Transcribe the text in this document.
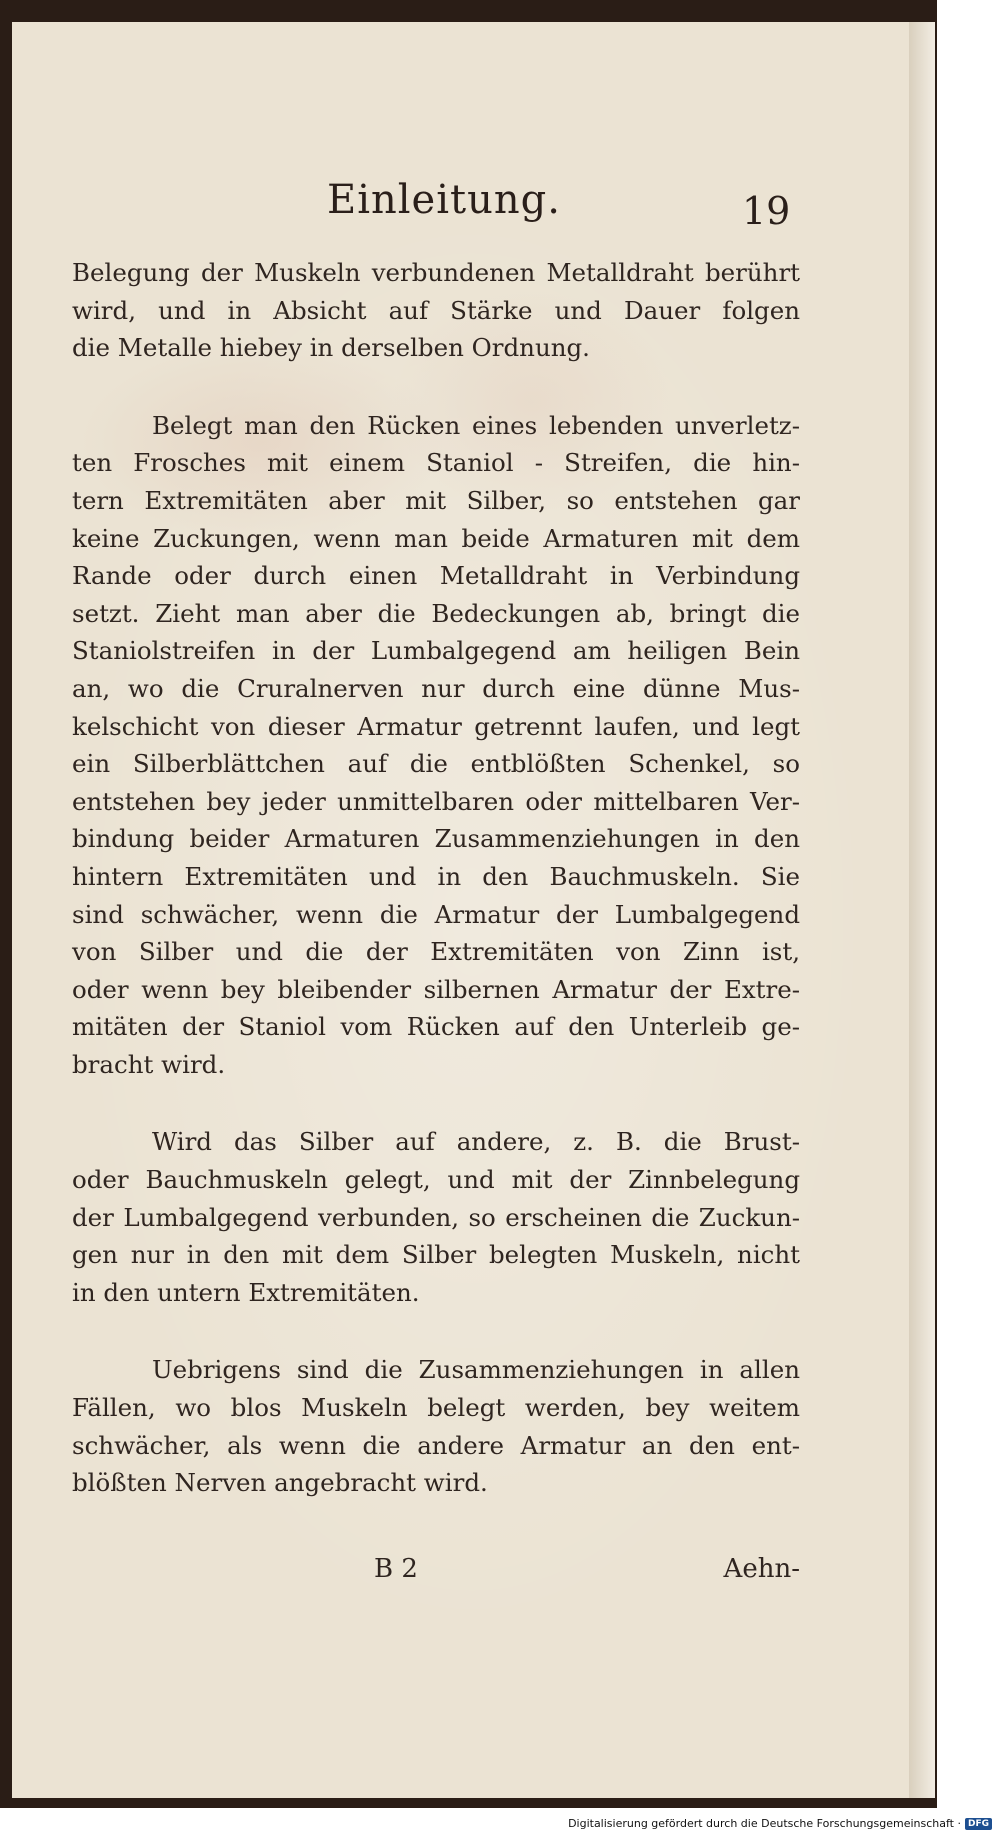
Einleitung.	19
Belegung der Muskeln verbundenen Metalldraht berührt
wird, und in Absicht auf Stärke und Dauer folgen
die Metalle hiebey in derselben Ordnung.
Belegt man den Rücken eines lebenden unverletz-
ten Frosches mit einem Staniol - Streifen, die hin-
tern Extremitäten aber mit Silber, so entstehen gar
keine Zuckungen, wenn man beide Armaturen mit dem
Rande oder durch einen Metalldraht in Verbindung
setzt. Zieht man aber die Bedeckungen ab, bringt die
Staniolstreifen in der Lumbalgegend am heiligen Bein
an, wo die Cruralnerven nur durch eine dünne Mus-
kelschicht von dieser Armatur getrennt laufen, und legt
ein Silberblättchen auf die entblößten Schenkel, so
entstehen bey jeder unmittelbaren oder mittelbaren Ver-
bindung beider Armaturen Zusammenziehungen in den
hintern Extremitäten und in den Bauchmuskeln. Sie
sind schwächer, wenn die Armatur der Lumbalgegend
von Silber und die der Extremitäten von Zinn ist,
oder wenn bey bleibender silbernen Armatur der Extre-
mitäten der Staniol vom Rücken auf den Unterleib ge-
bracht wird.
Wird das Silber auf andere, z. B. die Brust-
oder Bauchmuskeln gelegt, und mit der Zinnbelegung
der Lumbalgegend verbunden, so erscheinen die Zuckun-
gen nur in den mit dem Silber belegten Muskeln, nicht
in den untern Extremitäten.
Uebrigens sind die Zusammenziehungen in allen
Fällen, wo blos Muskeln belegt werden, bey weitem
schwächer, als wenn die andere Armatur an den ent-
blößten Nerven angebracht wird.
B 2	Aehn-
Digitalisierung gefördert durch die Deutsche Forschungsgemeinschaft · DFG
